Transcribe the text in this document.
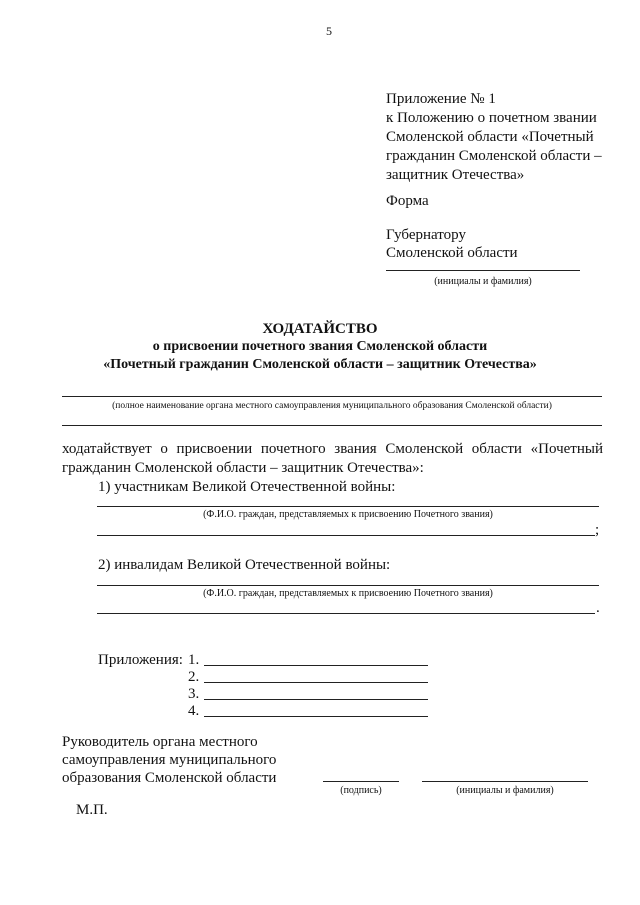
5
Приложение № 1
к Положению о почетном звании
Смоленской области «Почетный
гражданин Смоленской области –
защитник Отечества»
Форма
Губернатору
Смоленской области
(инициалы и фамилия)
ХОДАТАЙСТВО
о присвоении почетного звания Смоленской области
«Почетный гражданин Смоленской области – защитник Отечества»
(полное наименование органа местного самоуправления муниципального образования Смоленской области)
ходатайствует о присвоении почетного звания Смоленской области «Почетный
гражданин Смоленской области – защитник Отечества»:
1) участникам Великой Отечественной войны:
(Ф.И.О. граждан, представляемых к присвоению Почетного звания)
;
2) инвалидам Великой Отечественной войны:
(Ф.И.О. граждан, представляемых к присвоению Почетного звания)
.
Приложения: 1.
2.
3.
4.
Руководитель органа местного
самоуправления муниципального
образования Смоленской области
(подпись)	(инициалы и фамилия)
М.П.
